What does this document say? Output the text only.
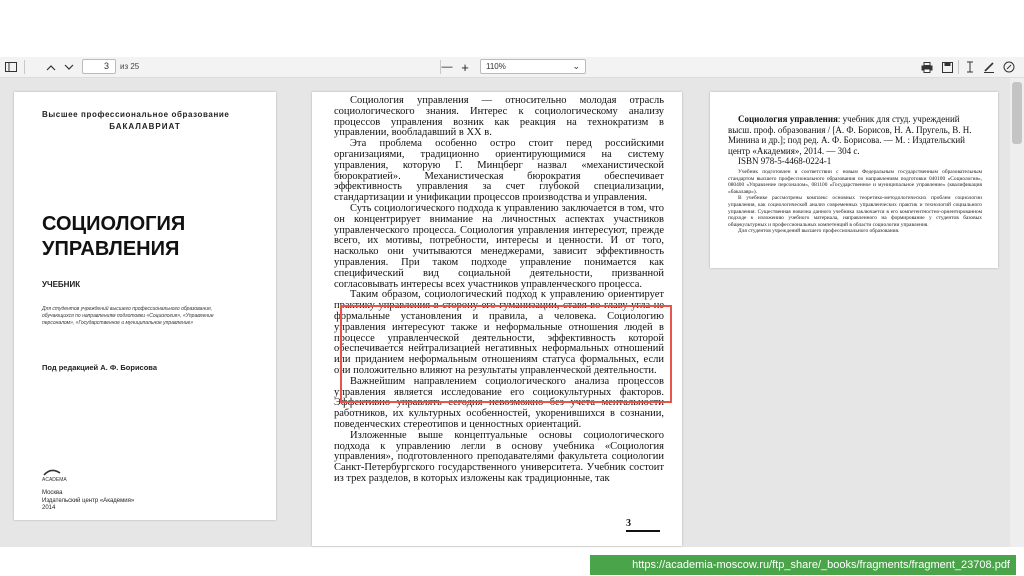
3	из 25	— +	110%	⌄
Высшее профессиональное образование
БАКАЛАВРИАТ
СОЦИОЛОГИЯ УПРАВЛЕНИЯ
УЧЕБНИК
Для студентов учреждений высшего профессионального образования, обучающихся по направлениям подготовки «Социология», «Управление персоналом», «Государственное и муниципальное управление»
Под редакцией А. Ф. Борисова
ACADEMA
Москва
Издательский центр «Академия»
2014

Социология управления — относительно молодая отрасль социологического знания. Интерес к социологическому анализу процессов управления возник как реакция на технократизм в управлении, вообладавший в XX в.

Эта проблема особенно остро стоит перед российскими организациями, традиционно ориентирующимися на систему управления, которую Г. Минцберг назвал «механистической бюрократией». Механистическая бюрократия обеспечивает эффективность управления за счет глубокой специализации, стандартизации и унификации процессов производства и управления.

Суть социологического подхода к управлению заключается в том, что он концентрирует внимание на личностных аспектах участников управленческого процесса. Социология управления интересуют, прежде всего, их мотивы, потребности, интересы и ценности. И от того, насколько они учитываются менеджерами, зависит эффективность управления. При таком подходе управление понимается как специфический вид социальной деятельности, призванной согласовывать интересы всех участников управленческого процесса.

Таким образом, социологический подход к управлению ориентирует практику управления в сторону его гуманизации, ставя во главу угла не формальные установления и правила, а человека. Социологию управления интересуют также и неформальные отношения людей в процессе управленческой деятельности, эффективность которой обеспечивается нейтрализацией негативных неформальных отношений или приданием неформальным отношениям статуса формальных, если они положительно влияют на результаты управленческой деятельности.

Важнейшим направлением социологического анализа процессов управления является исследование его социокультурных факторов. Эффективно управлять сегодня невозможно без учета ментальности работников, их культурных особенностей, укоренившихся в сознании, поведенческих стереотипов и ценностных ориентаций.

Изложенные выше концептуальные основы социологического подхода к управлению легли в основу учебника «Социология управления», подготовленного преподавателями факультета социологии Санкт-Петербургского государственного университета. Учебник состоит из трех разделов, в которых изложены как традиционные, так

3
Социология управления: учебник для студ. учреждений высш. проф. образования / [А. Ф. Борисов, Н. А. Пругель, В. Н. Минина и др.]; под ред. А. Ф. Борисова. — М. : Издательский центр «Академия», 2014. — 304 с.
ISBN 978-5-4468-0224-1

Учебник подготовлен в соответствии с новым Федеральным государственным образовательным стандартом высшего профессионального образования по направлениям подготовки 040100 «Социология», 080400 «Управление персоналом», 081100 «Государственное и муниципальное управление» (квалификация «бакалавр»).

В учебнике рассмотрены комплекс основных теоретико-методологических проблем социологии управления, как социологической анализ современных управленческих практик и технологий социального управления. Существенная новизна данного учебника заключается в его компетентностно-ориентированном подходе к изложению учебного материала, направленного на формирование у студентов базовых общекультурных и профессиональных компетенций в области социологии управления.

Для студентов учреждений высшего профессионального образования.

https://academia-moscow.ru/ftp_share/_books/fragments/fragment_23708.pdf
